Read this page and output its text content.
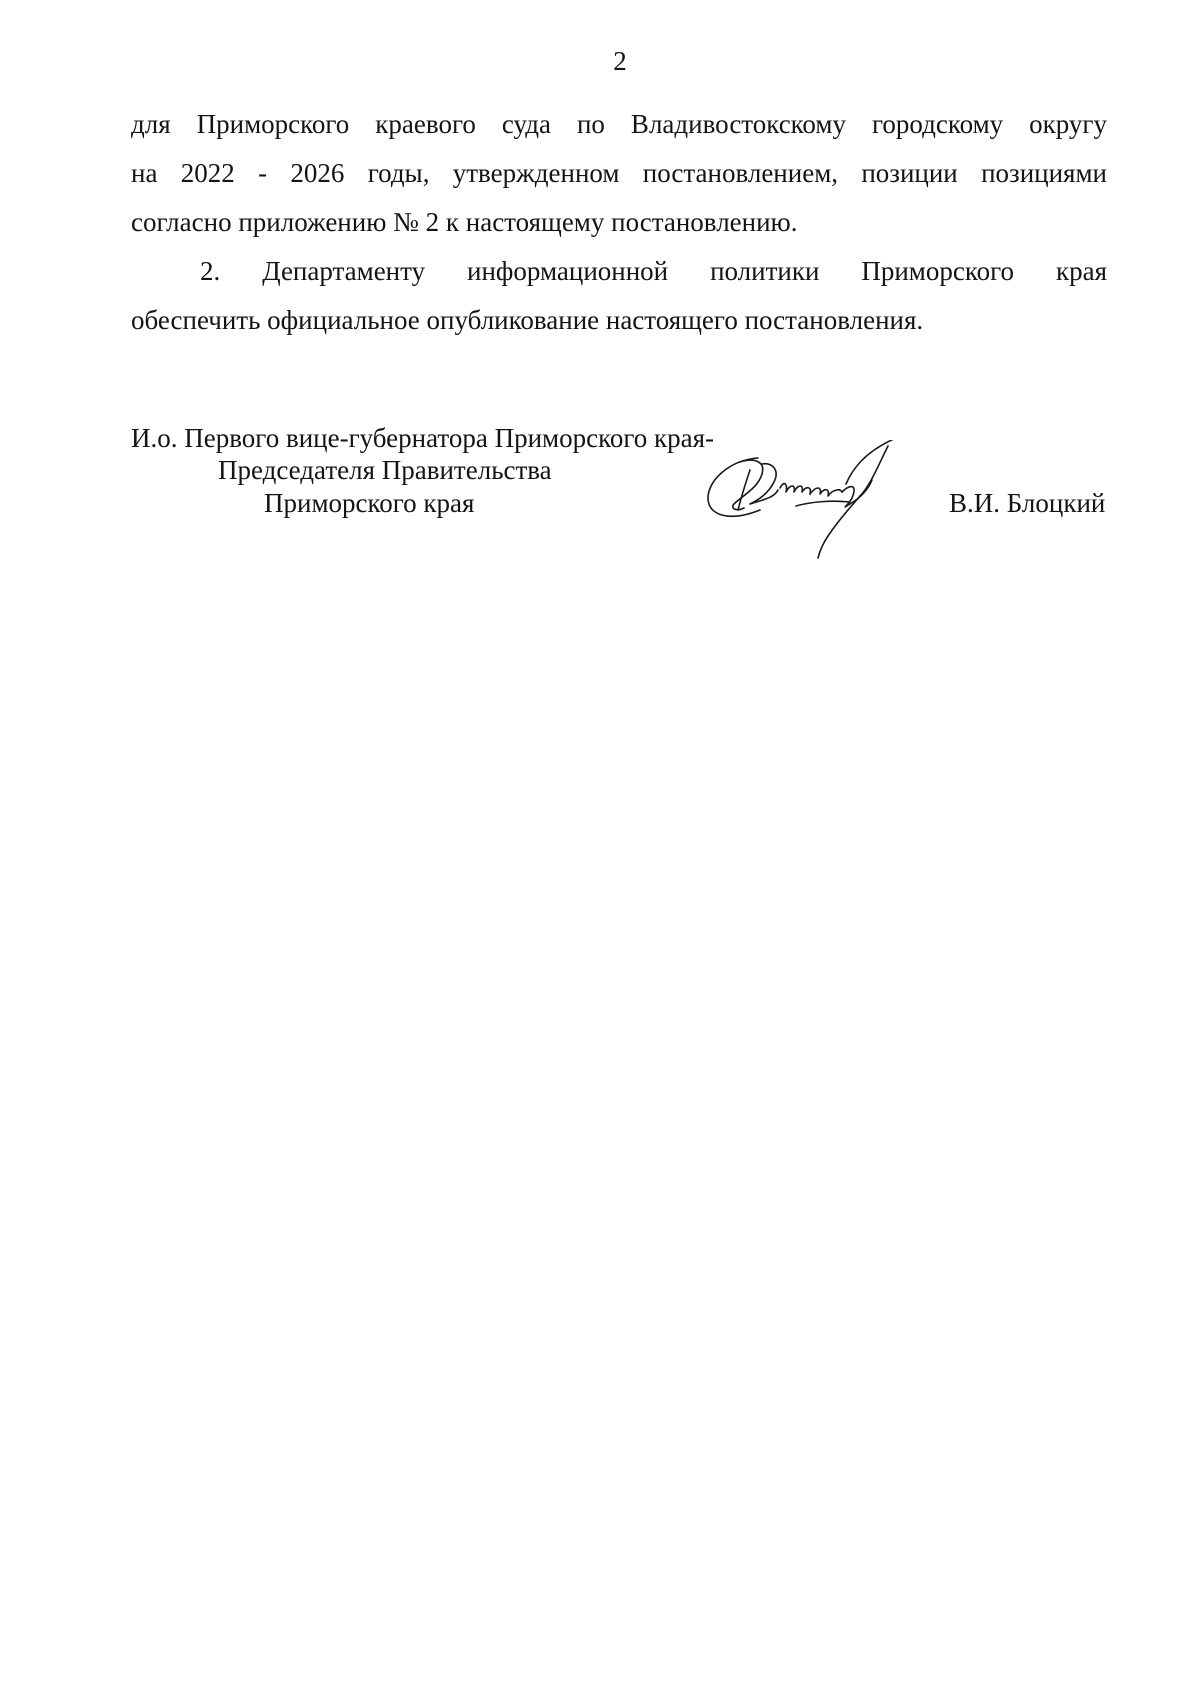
2
для Приморского краевого суда по Владивостокскому городскому округу
на 2022 - 2026 годы, утвержденном постановлением, позиции позициями
согласно приложению № 2 к настоящему постановлению.
2. Департаменту информационной политики Приморского края
обеспечить официальное опубликование настоящего постановления.
И.о. Первого вице-губернатора Приморского края-
Председателя Правительства
Приморского края	В.И. Блоцкий
